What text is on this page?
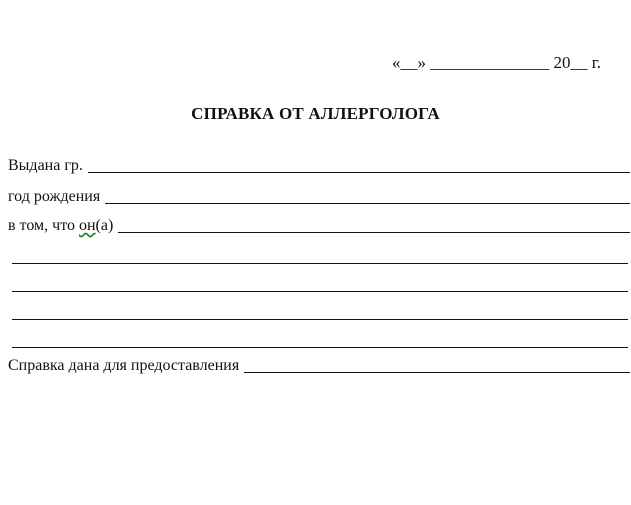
«__» ______________ 20__ г.
СПРАВКА ОТ АЛЛЕРГОЛОГА
Выдана гр.
год рождения
в том, что он(а)
Справка дана для предоставления
